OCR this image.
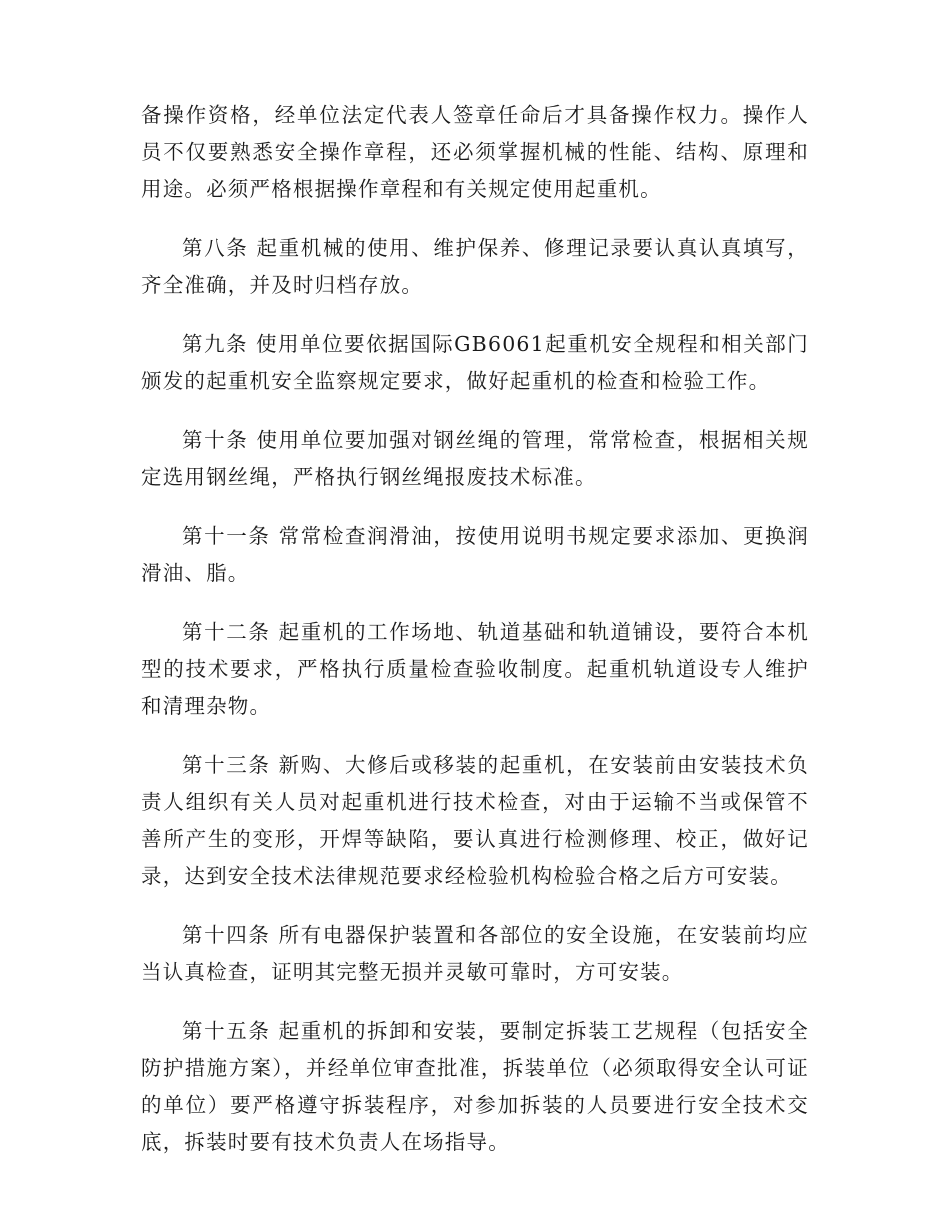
备操作资格，经单位法定代表人签章任命后才具备操作权力。操作人员不仅要熟悉安全操作章程，还必须掌握机械的性能、结构、原理和用途。必须严格根据操作章程和有关规定使用起重机。

第八条 起重机械的使用、维护保养、修理记录要认真认真填写，齐全准确，并及时归档存放。

第九条 使用单位要依据国际GB6061起重机安全规程和相关部门颁发的起重机安全监察规定要求，做好起重机的检查和检验工作。

第十条 使用单位要加强对钢丝绳的管理，常常检查，根据相关规定选用钢丝绳，严格执行钢丝绳报废技术标准。

第十一条 常常检查润滑油，按使用说明书规定要求添加、更换润滑油、脂。

第十二条 起重机的工作场地、轨道基础和轨道铺设，要符合本机型的技术要求，严格执行质量检查验收制度。起重机轨道设专人维护和清理杂物。

第十三条 新购、大修后或移装的起重机，在安装前由安装技术负责人组织有关人员对起重机进行技术检查，对由于运输不当或保管不善所产生的变形，开焊等缺陷，要认真进行检测修理、校正，做好记录，达到安全技术法律规范要求经检验机构检验合格之后方可安装。

第十四条 所有电器保护装置和各部位的安全设施，在安装前均应当认真检查，证明其完整无损并灵敏可靠时，方可安装。

第十五条 起重机的拆卸和安装，要制定拆装工艺规程（包括安全防护措施方案），并经单位审查批准，拆装单位（必须取得安全认可证的单位）要严格遵守拆装程序，对参加拆装的人员要进行安全技术交底，拆装时要有技术负责人在场指导。
